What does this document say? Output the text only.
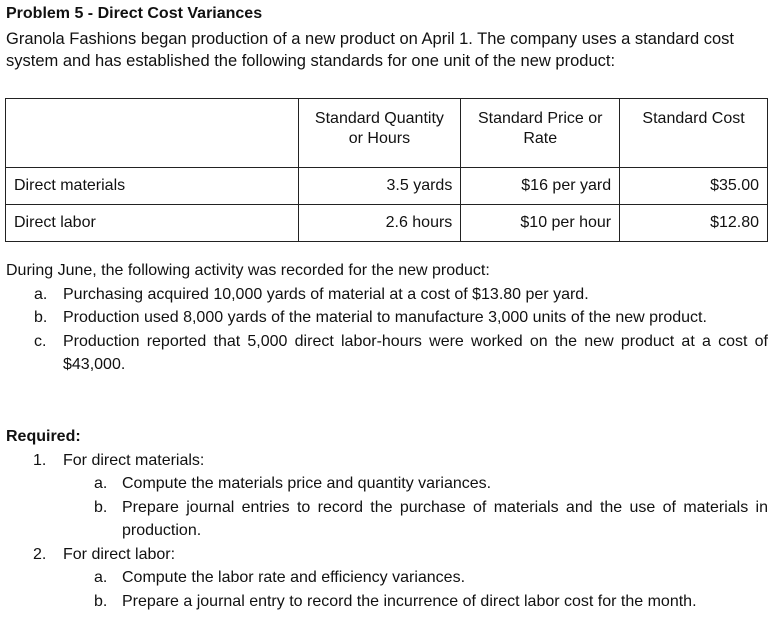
Problem 5 - Direct Cost Variances
Granola Fashions began production of a new product on April 1. The company uses a standard cost system and has established the following standards for one unit of the new product:
	Standard Quantity or Hours	Standard Price or Rate	Standard Cost
Direct materials	3.5 yards	$16 per yard	$35.00
Direct labor	2.6 hours	$10 per hour	$12.80

During June, the following activity was recorded for the new product:

a. Purchasing acquired 10,000 yards of material at a cost of $13.80 per yard.
b. Production used 8,000 yards of the material to manufacture 3,000 units of the new product.
c. Production reported that 5,000 direct labor-hours were worked on the new product at a cost of $43,000.
Required:
1. For direct materials:
a. Compute the materials price and quantity variances.
b. Prepare journal entries to record the purchase of materials and the use of materials in production.
2. For direct labor:
a. Compute the labor rate and efficiency variances.
b. Prepare a journal entry to record the incurrence of direct labor cost for the month.
